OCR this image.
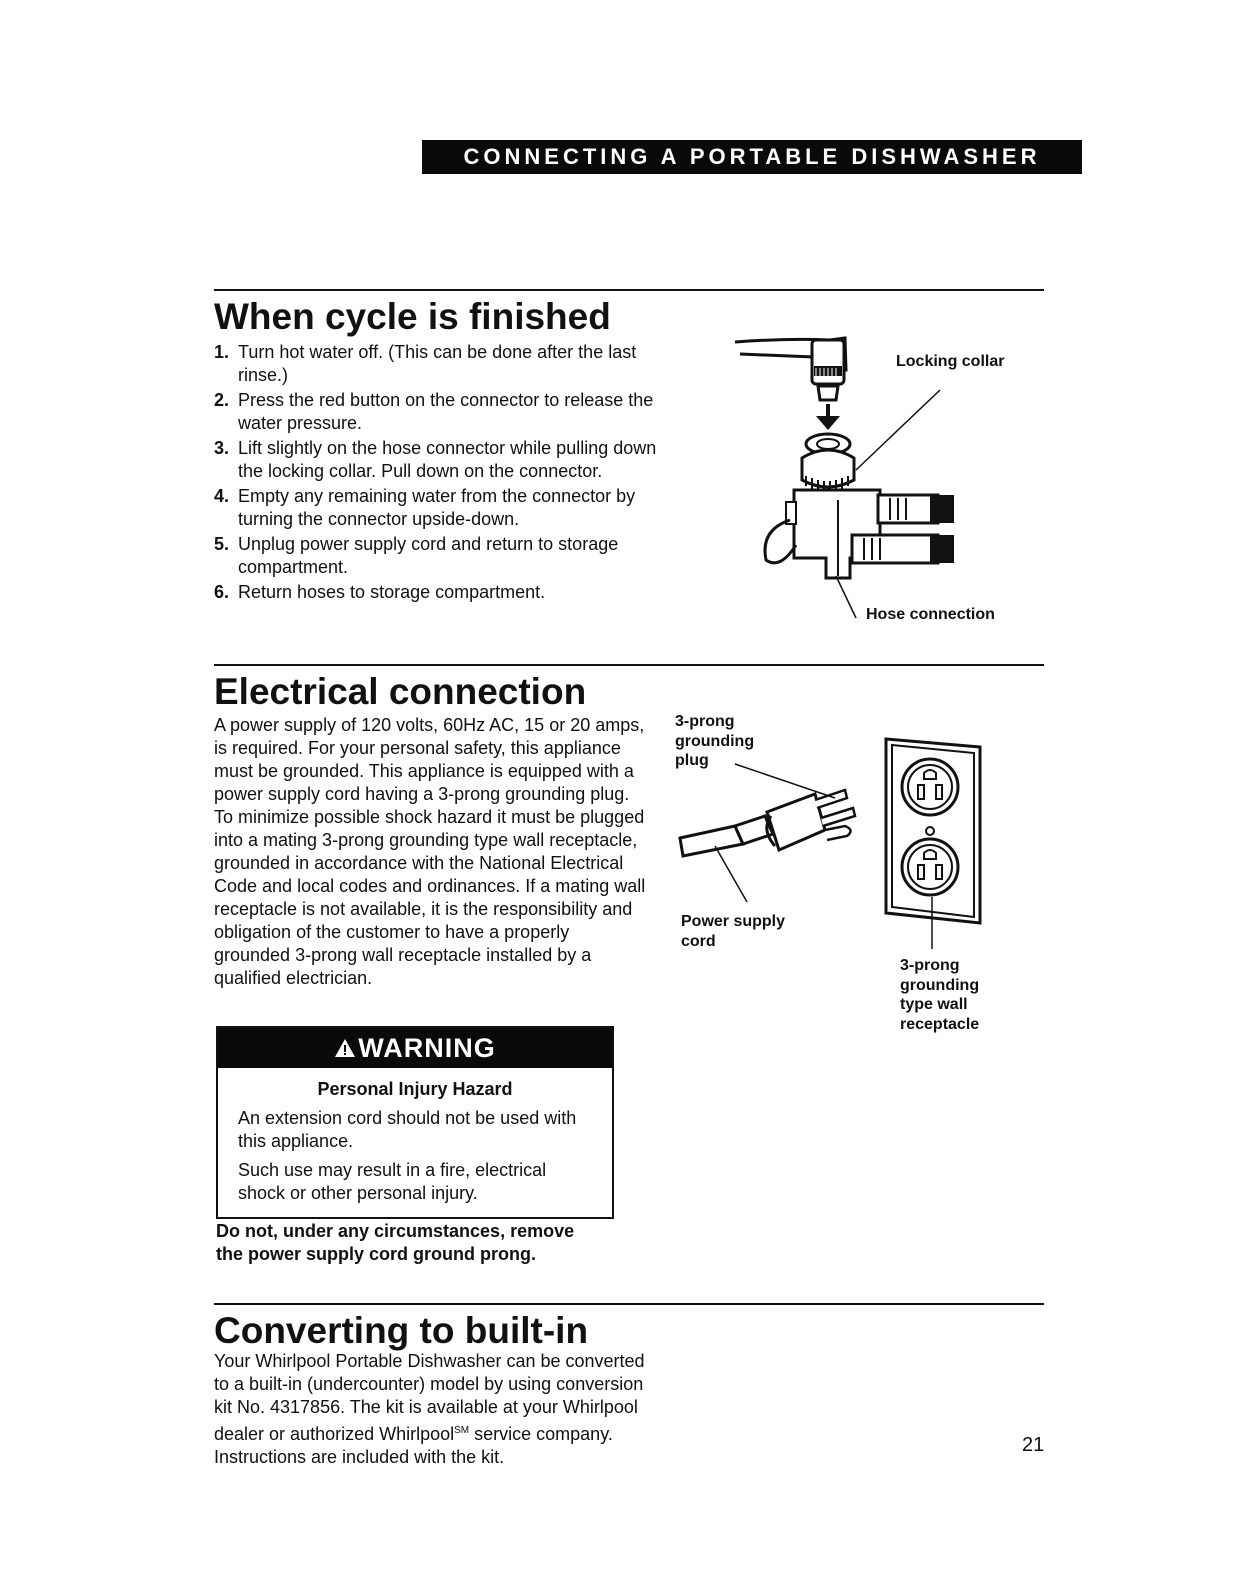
CONNECTING A PORTABLE DISHWASHER
When cycle is finished
1. Turn hot water off. (This can be done after the last rinse.)
2. Press the red button on the connector to release the water pressure.
3. Lift slightly on the hose connector while pulling down the locking collar. Pull down on the connector.
4. Empty any remaining water from the connector by turning the connector upside-down.
5. Unplug power supply cord and return to storage compartment.
6. Return hoses to storage compartment.
Locking collar
Hose connection
Electrical connection
A power supply of 120 volts, 60Hz AC, 15 or 20 amps, is required. For your personal safety, this appliance must be grounded. This appliance is equipped with a power supply cord having a 3-prong grounding plug. To minimize possible shock hazard it must be plugged into a mating 3-prong grounding type wall receptacle, grounded in accordance with the National Electrical Code and local codes and ordinances. If a mating wall receptacle is not available, it is the responsibility and obligation of the customer to have a properly grounded 3-prong wall receptacle installed by a qualified electrician.
3-prong grounding plug
Power supply cord
3-prong grounding type wall receptacle
WARNING
Personal Injury Hazard

An extension cord should not be used with this appliance.

Such use may result in a fire, electrical shock or other personal injury.

Do not, under any circumstances, remove the power supply cord ground prong.
Converting to built-in
Your Whirlpool Portable Dishwasher can be converted to a built-in (undercounter) model by using conversion kit No. 4317856. The kit is available at your Whirlpool dealer or authorized Whirlpool℠ service company. Instructions are included with the kit.
21
